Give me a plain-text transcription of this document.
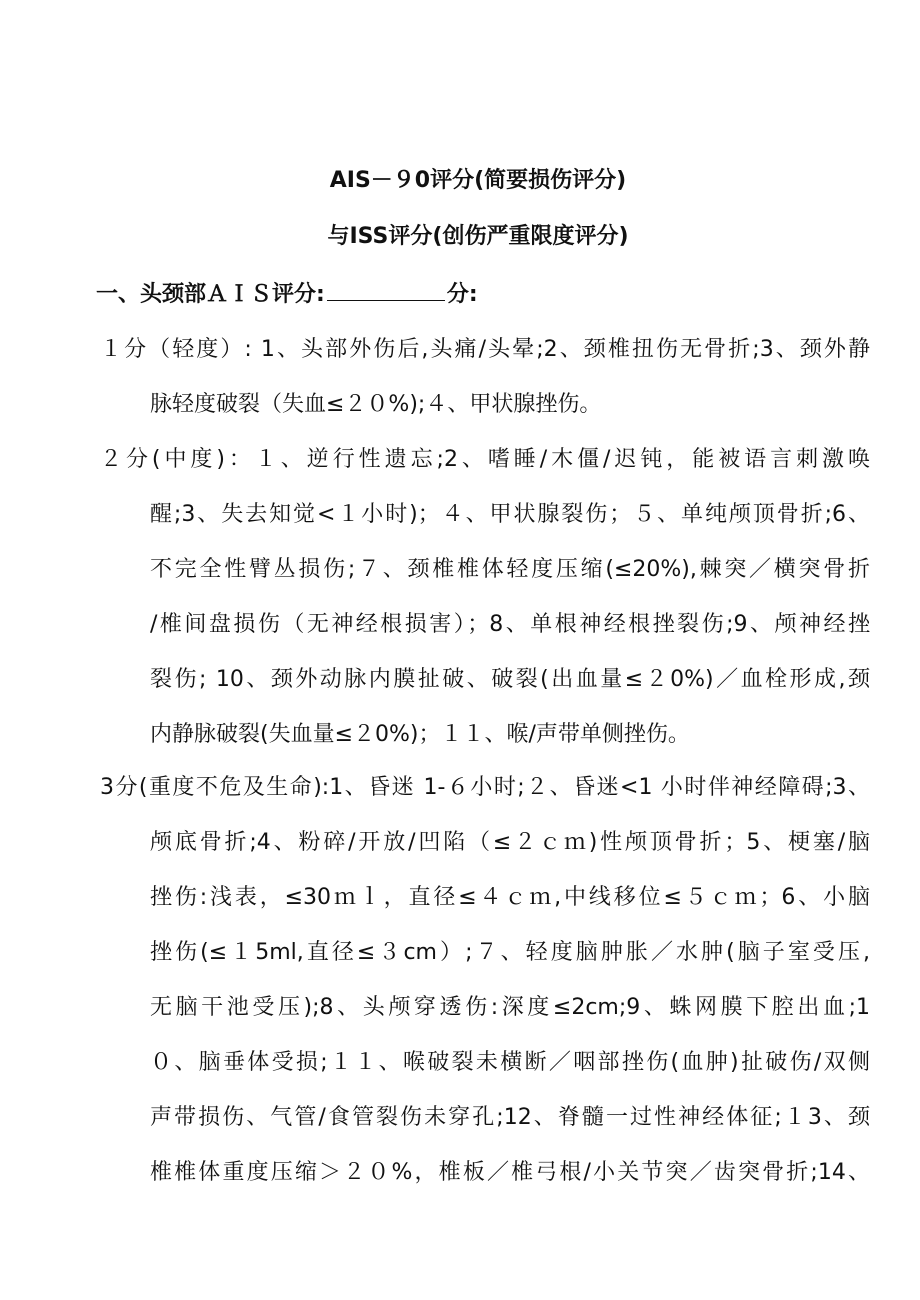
AIS－９0评分(简要损伤评分)
与ISS评分(创伤严重限度评分)
一、头颈部ＡＩＳ评分:	分:
１分（轻度）: 1、头部外伤后,头痛/头晕;2、颈椎扭伤无骨折;3、颈外静
脉轻度破裂（失血≤２０%);４、甲状腺挫伤。
２分(中度)：１、逆行性遗忘;2、嗜睡/木僵/迟钝，能被语言刺激唤
醒;3、失去知觉<１小时)；４、甲状腺裂伤；５、单纯颅顶骨折;6、
不完全性臂丛损伤;７、颈椎椎体轻度压缩(≤20%),棘突／横突骨折
/椎间盘损伤（无神经根损害）；8、单根神经根挫裂伤;9、颅神经挫
裂伤; 10、颈外动脉内膜扯破、破裂(出血量≤２0%)／血栓形成,颈
内静脉破裂(失血量≤２0%)；１１、喉/声带单侧挫伤。
3分(重度不危及生命):1、昏迷 1-６小时;２、昏迷<1 小时伴神经障碍;3、
颅底骨折;4、粉碎/开放/凹陷（≤２ｃｍ)性颅顶骨折；5、梗塞/脑
挫伤:浅表，≤30ｍｌ，直径≤４ｃｍ,中线移位≤５ｃｍ；6、小脑
挫伤(≤１5ml,直径≤３cm）;７、轻度脑肿胀／水肿(脑子室受压,
无脑干池受压);8、头颅穿透伤:深度≤2cm;9、蛛网膜下腔出血;1
０、脑垂体受损;１１、喉破裂未横断／咽部挫伤(血肿)扯破伤/双侧
声带损伤、气管/食管裂伤未穿孔;12、脊髓一过性神经体征;１3、颈
椎椎体重度压缩＞２０%，椎板／椎弓根/小关节突／齿突骨折;14、
